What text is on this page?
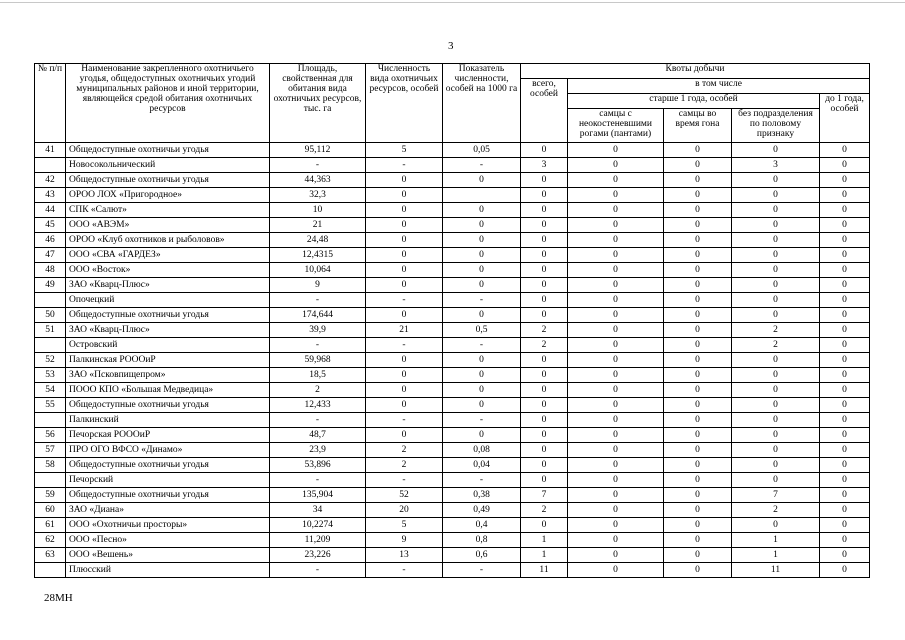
3
№ п/п	Наименование закрепленного охотничьего угодья, общедоступных охотничьих угодий муниципальных районов и иной территории, являющейся средой обитания охотничьих ресурсов	Площадь, свойственная для обитания вида охотничьих ресурсов, тыс. га	Численность вида охотничьих ресурсов, особей	Показатель численности, особей на 1000 га	Квоты добычи				
					всего, особей	в том числе			
						старше 1 года, особей			до 1 года, особей
						самцы с неокостеневшими рогами (пантами)	самцы во время гона	без подразделения по половому признаку	
41	Общедоступные охотничьи угодья	95,112	5	0,05	0	0	0	0	0
	Новосокольнический	-	-	-	3	0	0	3	0
42	Общедоступные охотничьи угодья	44,363	0	0	0	0	0	0	0
43	ОРОО ЛОХ «Пригородное»	32,3	0		0	0	0	0	0
44	СПК «Салют»	10	0	0	0	0	0	0	0
45	ООО «АВЭМ»	21	0	0	0	0	0	0	0
46	ОРОО «Клуб охотников и рыболовов»	24,48	0	0	0	0	0	0	0
47	ООО «СВА «ГАРДЕЗ»	12,4315	0	0	0	0	0	0	0
48	ООО «Восток»	10,064	0	0	0	0	0	0	0
49	ЗАО «Кварц-Плюс»	9	0	0	0	0	0	0	0
	Опочецкий	-	-	-	0	0	0	0	0
50	Общедоступные охотничьи угодья	174,644	0	0	0	0	0	0	0
51	ЗАО «Кварц-Плюс»	39,9	21	0,5	2	0	0	2	0
	Островский	-	-	-	2	0	0	2	0
52	Палкинская РОООиР	59,968	0	0	0	0	0	0	0
53	ЗАО «Псковпищепром»	18,5	0	0	0	0	0	0	0
54	ПООО КПО «Большая Медведица»	2	0	0	0	0	0	0	0
55	Общедоступные охотничьи угодья	12,433	0	0	0	0	0	0	0
	Палкинский	-	-	-	0	0	0	0	0
56	Печорская РОООиР	48,7	0	0	0	0	0	0	0
57	ПРО ОГО ВФСО «Динамо»	23,9	2	0,08	0	0	0	0	0
58	Общедоступные охотничьи угодья	53,896	2	0,04	0	0	0	0	0
	Печорский	-	-	-	0	0	0	0	0
59	Общедоступные охотничьи угодья	135,904	52	0,38	7	0	0	7	0
60	ЗАО «Диана»	34	20	0,49	2	0	0	2	0
61	ООО «Охотничьи просторы»	10,2274	5	0,4	0	0	0	0	0
62	ООО «Песно»	11,209	9	0,8	1	0	0	1	0
63	ООО «Вешень»	23,226	13	0,6	1	0	0	1	0
	Плюсский	-	-	-	11	0	0	11	0
28МН
